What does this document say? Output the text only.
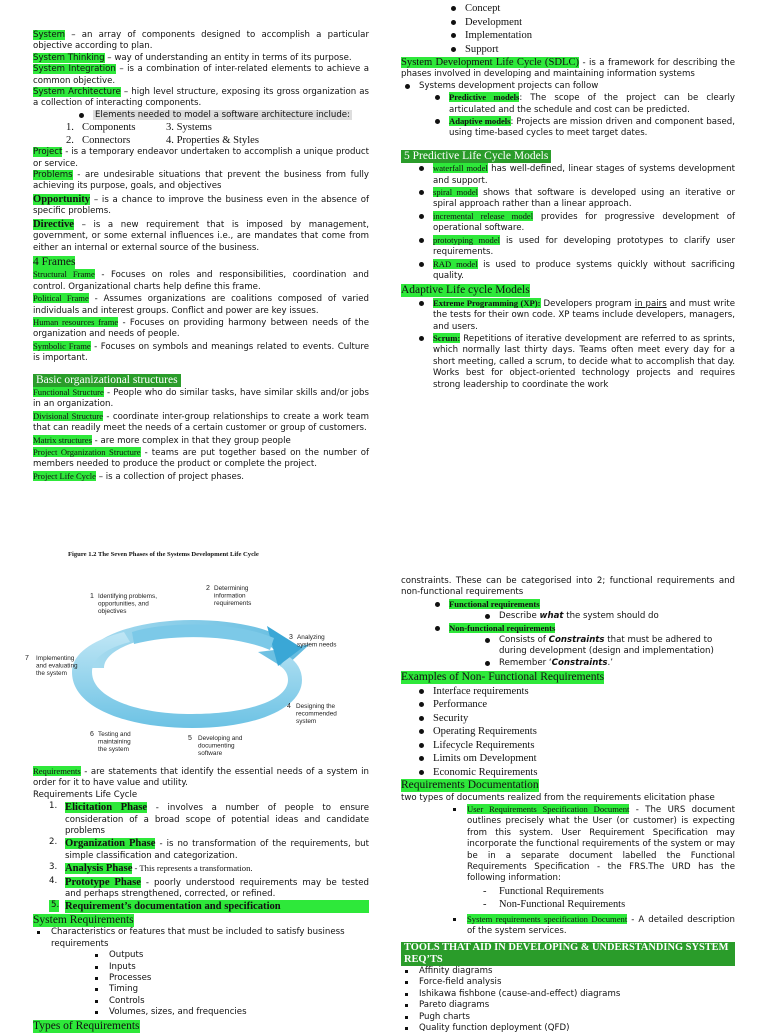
System – an array of components designed to accomplish a particular objective according to plan.

System Thinking – way of understanding an entity in terms of its purpose.

System Integration – is a combination of inter-related elements to achieve a common objective.

System Architecture – high level structure, exposing its gross organization as a collection of interacting components.

Elements needed to model a software architecture include:
1. Components	3. Systems
2. Connectors	4. Properties & Styles

Project - is a temporary endeavor undertaken to accomplish a unique product or service.

Problems - are undesirable situations that prevent the business from fully achieving its purpose, goals, and objectives

Opportunity – is a chance to improve the business even in the absence of specific problems.

Directive – is a new requirement that is imposed by management, government, or some external influences i.e., are mandates that come from either an internal or external source of the business.

4 Frames

Structural Frame - Focuses on roles and responsibilities, coordination and control. Organizational charts help define this frame.

Political Frame - Assumes organizations are coalitions composed of varied individuals and interest groups. Conflict and power are key issues.

Human resources frame - Focuses on providing harmony between needs of the organization and needs of people.

Symbolic Frame - Focuses on symbols and meanings related to events. Culture is important.

Basic organizational structures

Functional Structure - People who do similar tasks, have similar skills and/or jobs in an organization.

Divisional Structure - coordinate inter-group relationships to create a work team that can readily meet the needs of a certain customer or group of customers.

Matrix structures - are more complex in that they group people

Project Organization Structure - teams are put together based on the number of members needed to produce the product or complete the project.

Project Life Cycle – is a collection of project phases.

Concept
Development
Implementation
Support

System Development Life Cycle (SDLC) - is a framework for describing the phases involved in developing and maintaining information systems

Systems development projects can follow

Predictive models: The scope of the project can be clearly articulated and the schedule and cost can be predicted.

Adaptive models: Projects are mission driven and component based, using time-based cycles to meet target dates.

5 Predictive Life Cycle Models

waterfall model has well-defined, linear stages of systems development and support.

spiral model shows that software is developed using an iterative or spiral approach rather than a linear approach.

incremental release model provides for progressive development of operational software.

prototyping model is used for developing prototypes to clarify user requirements.

RAD model is used to produce systems quickly without sacrificing quality.

Adaptive Life cycle Models

Extreme Programming (XP): Developers program in pairs and must write the tests for their own code. XP teams include developers, managers, and users.

Scrum: Repetitions of iterative development are referred to as sprints, which normally last thirty days. Teams often meet every day for a short meeting, called a scrum, to decide what to accomplish that day. Works best for object-oriented technology projects and requires strong leadership to coordinate the work

Figure 1.2 The Seven Phases of the Systems Development Life Cycle
1 Identifying problems, opportunities, and objectives
2 Determining information requirements
3 Analyzing system needs
4 Designing the recommended system
5 Developing and documenting software
6 Testing and maintaining the system
7 Implementing and evaluating the system

Requirements - are statements that identify the essential needs of a system in order for it to have value and utility.

Requirements Life Cycle
1. Elicitation Phase - involves a number of people to ensure consideration of a broad scope of potential ideas and candidate problems

2. Organization Phase - is no transformation of the requirements, but simple classification and categorization.

3. Analysis Phase - This represents a transformation.

4. Prototype Phase - poorly understood requirements may be tested and perhaps strengthened, corrected, or refined.

5. Requirement’s documentation and specification

System Requirements
Characteristics or features that must be included to satisfy business requirements
Outputs
Inputs
Processes
Timing
Controls
Volumes, sizes, and frequencies
Types of Requirements

constraints. These can be categorised into 2; functional requirements and non-functional requirements

Functional requirements
Describe what the system should do
Non-functional requirements
Consists of Constraints that must be adhered to during development (design and implementation)
Remember ‘Constraints.’
Examples of Non- Functional Requirements
Interface requirements
Performance
Security
Operating Requirements
Lifecycle Requirements
Limits om Development
Economic Requirements
Requirements Documentation
two types of documents realized from the requirements elicitation phase

User Requirements Specification Document - The URS document outlines precisely what the User (or customer) is expecting from this system. User Requirement Specification may incorporate the functional requirements of the system or may be in a separate document labelled the Functional Requirements Specification - the FRS.The URD has the following information:

- Functional Requirements
- Non-Functional Requirements

System requirements specification Document - A detailed description of the system services.

TOOLS THAT AID IN DEVELOPING & UNDERSTANDING SYSTEM REQ’TS
Affinity diagrams
Force-field analysis
Ishikawa fishbone (cause-and-effect) diagrams
Pareto diagrams
Pugh charts
Quality function deployment (QFD)
